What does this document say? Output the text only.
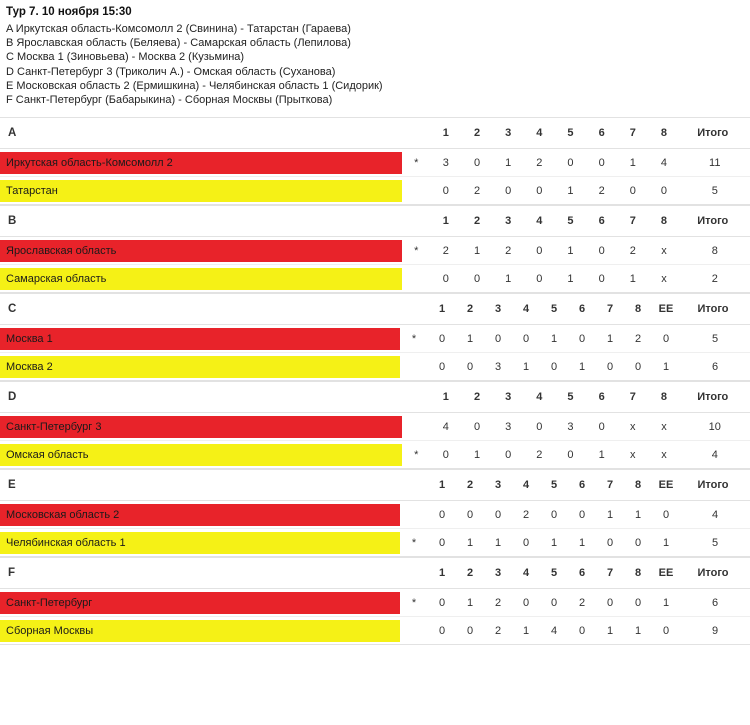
Тур 7. 10 ноября 15:30
A Иркутская область-Комсомолл 2 (Свинина) - Татарстан (Гараева)
B Ярославская область (Беляева) - Самарская область (Лепилова)
C Москва 1 (Зиновьева) - Москва 2 (Кузьмина)
D Санкт-Петербург 3 (Триколич А.) - Омская область (Суханова)
E Московская область 2 (Ермишкина) - Челябинская область 1 (Сидорик)
F Санкт-Петербург (Бабарыкина) - Сборная Москвы (Прыткова)
A		1	2	3	4	5	6	7	8	Итого

Иркутская область-Комсомолл 2	*	3	0	1	2	0	0	1	4	11

Татарстан		0	2	0	0	1	2	0	0	5
B		1	2	3	4	5	6	7	8	Итого

Ярославская область	*	2	1	2	0	1	0	2	x	8

Самарская область		0	0	1	0	1	0	1	x	2
C		1	2	3	4	5	6	7	8	EE	Итого

Москва 1	*	0	1	0	0	1	0	1	2	0	5

Москва 2		0	0	3	1	0	1	0	0	1	6
D		1	2	3	4	5	6	7	8	Итого

Санкт-Петербург 3		4	0	3	0	3	0	x	x	10

Омская область	*	0	1	0	2	0	1	x	x	4
E		1	2	3	4	5	6	7	8	EE	Итого

Московская область 2		0	0	0	2	0	0	1	1	0	4

Челябинская область 1	*	0	1	1	0	1	1	0	0	1	5
F		1	2	3	4	5	6	7	8	EE	Итого

Санкт-Петербург	*	0	1	2	0	0	2	0	0	1	6

Сборная Москвы		0	0	2	1	4	0	1	1	0	9
